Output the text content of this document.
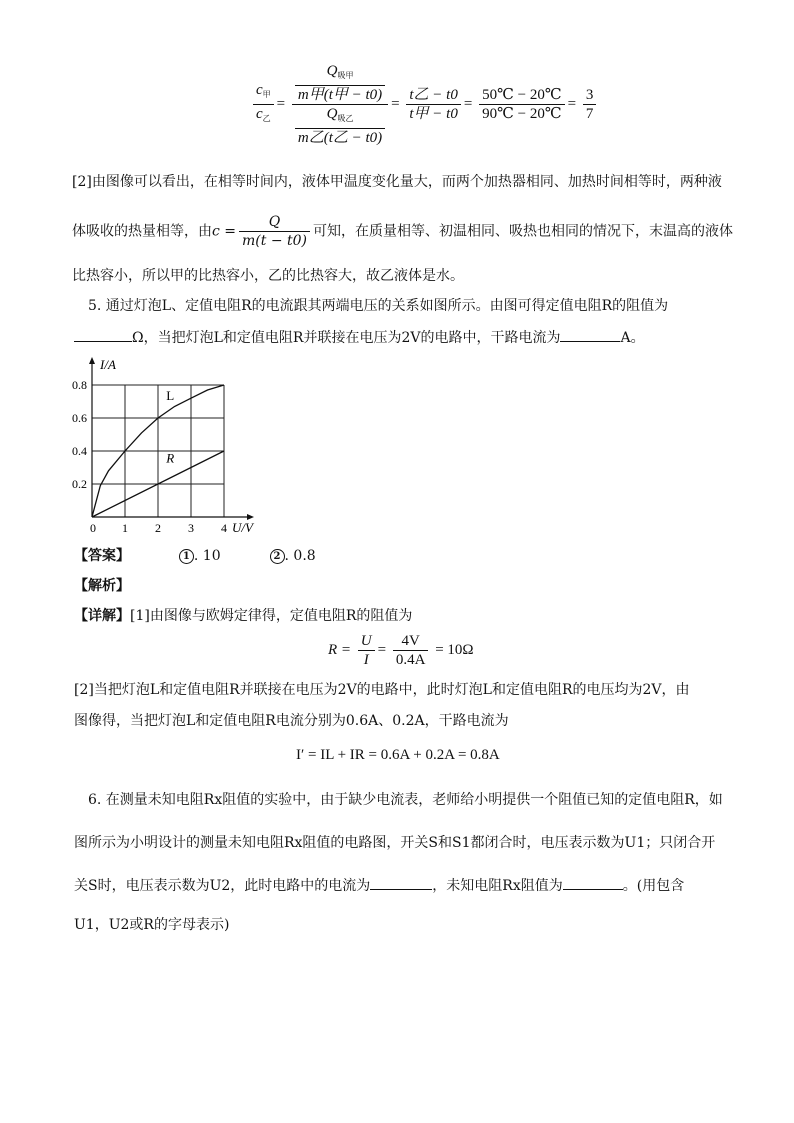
$\frac{c_甲}{c_乙} = \frac{\frac{Q_{吸甲}}{\text{m甲(t甲 − t0)}}}{\frac{Q_{吸乙}}{\text{m乙(t乙 − t0)}}} = \frac{\text{t乙 − t0}}{\text{t甲 − t0}} = \frac{50℃ - 20℃}{90℃ - 20℃} = \frac{3}{7}$
[2]由图像可以看出，在相等时间内，液体甲温度变化量大，而两个加热器相同、加热时间相等时，两种液
体吸收的热量相等，由$c = \frac{Q}{m(t - t0)}$ 可知，在质量相等、初温相同、吸热也相同的情况下，末温高的液体
比热容小，所以甲的比热容小，乙的比热容大，故乙液体是水。
5. 通过灯泡L、定值电阻R的电流跟其两端电压的关系如图所示。由图可得定值电阻R的阻值为
Ω，当把灯泡L和定值电阻R并联接在电压为2V的电路中，干路电流为	A。
I/A
U/V
0 1 2 3 4
0.2
0.4
0.6
0.8
L
R
【答案】	1 . 10	2 . 0.8
【解析】
【详解】[1]由图像与欧姆定律得，定值电阻R的阻值为
$R = \frac{U}{I} = \frac{4V}{0.4A} = 10\Omega$
[2]当把灯泡L和定值电阻R并联接在电压为2V的电路中，此时灯泡L和定值电阻R的电压均为2V，由
图像得，当把灯泡L和定值电阻R电流分别为0.6A、0.2A，干路电流为
I′ = IL + IR = 0.6A + 0.2A = 0.8A
6. 在测量未知电阻Rx阻值的实验中，由于缺少电流表，老师给小明提供一个阻值已知的定值电阻R，如
图所示为小明设计的测量未知电阻Rx阻值的电路图，开关S和S1都闭合时，电压表示数为U1；只闭合开
关S时，电压表示数为U2，此时电路中的电流为	，未知电阻Rx阻值为	。(用包含
U1，U2或R的字母表示)
